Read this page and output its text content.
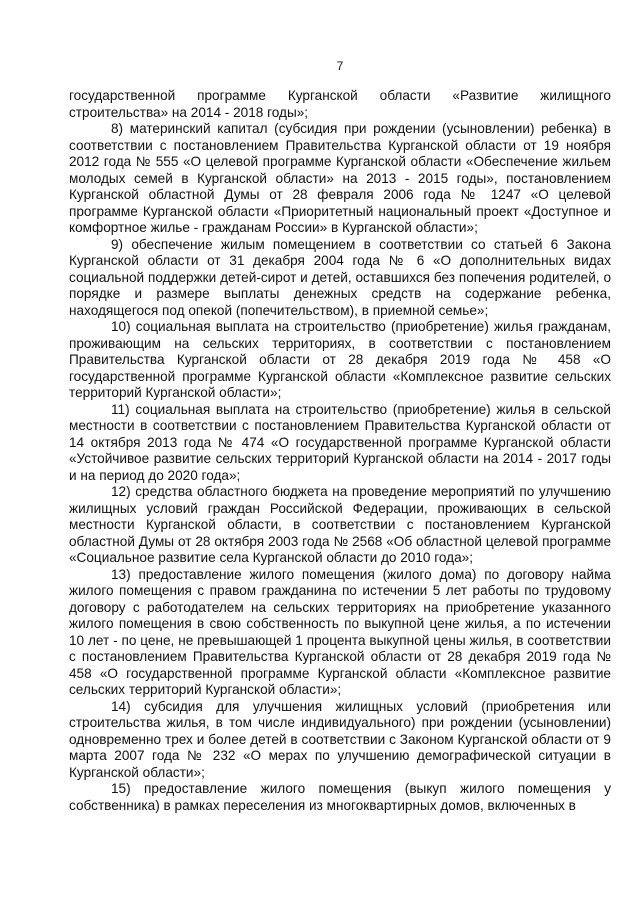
7

государственной программе Курганской области «Развитие жилищного строительства» на 2014 - 2018 годы»;

8) материнский капитал (субсидия при рождении (усыновлении) ребенка) в соответствии с постановлением Правительства Курганской области от 19 ноября 2012 года № 555 «О целевой программе Курганской области «Обеспечение жильем молодых семей в Курганской области» на 2013 - 2015 годы», постановлением Курганской областной Думы от 28 февраля 2006 года № 1247 «О целевой программе Курганской области «Приоритетный национальный проект «Доступное и комфортное жилье - гражданам России» в Курганской области»;

9) обеспечение жилым помещением в соответствии со статьей 6 Закона Курганской области от 31 декабря 2004 года № 6 «О дополнительных видах социальной поддержки детей-сирот и детей, оставшихся без попечения родителей, о порядке и размере выплаты денежных средств на содержание ребенка, находящегося под опекой (попечительством), в приемной семье»;

10) социальная выплата на строительство (приобретение) жилья гражданам, проживающим на сельских территориях, в соответствии с постановлением Правительства Курганской области от 28 декабря 2019 года № 458 «О государственной программе Курганской области «Комплексное развитие сельских территорий Курганской области»;

11) социальная выплата на строительство (приобретение) жилья в сельской местности в соответствии с постановлением Правительства Курганской области от 14 октября 2013 года № 474 «О государственной программе Курганской области «Устойчивое развитие сельских территорий Курганской области на 2014 - 2017 годы и на период до 2020 года»;

12) средства областного бюджета на проведение мероприятий по улучшению жилищных условий граждан Российской Федерации, проживающих в сельской местности Курганской области, в соответствии с постановлением Курганской областной Думы от 28 октября 2003 года № 2568 «Об областной целевой программе «Социальное развитие села Курганской области до 2010 года»;

13) предоставление жилого помещения (жилого дома) по договору найма жилого помещения с правом гражданина по истечении 5 лет работы по трудовому договору с работодателем на сельских территориях на приобретение указанного жилого помещения в свою собственность по выкупной цене жилья, а по истечении 10 лет - по цене, не превышающей 1 процента выкупной цены жилья, в соответствии с постановлением Правительства Курганской области от 28 декабря 2019 года № 458 «О государственной программе Курганской области «Комплексное развитие сельских территорий Курганской области»;

14) субсидия для улучшения жилищных условий (приобретения или строительства жилья, в том числе индивидуального) при рождении (усыновлении) одновременно трех и более детей в соответствии с Законом Курганской области от 9 марта 2007 года № 232 «О мерах по улучшению демографической ситуации в Курганской области»;

15) предоставление жилого помещения (выкуп жилого помещения у собственника) в рамках переселения из многоквартирных домов, включенных в
